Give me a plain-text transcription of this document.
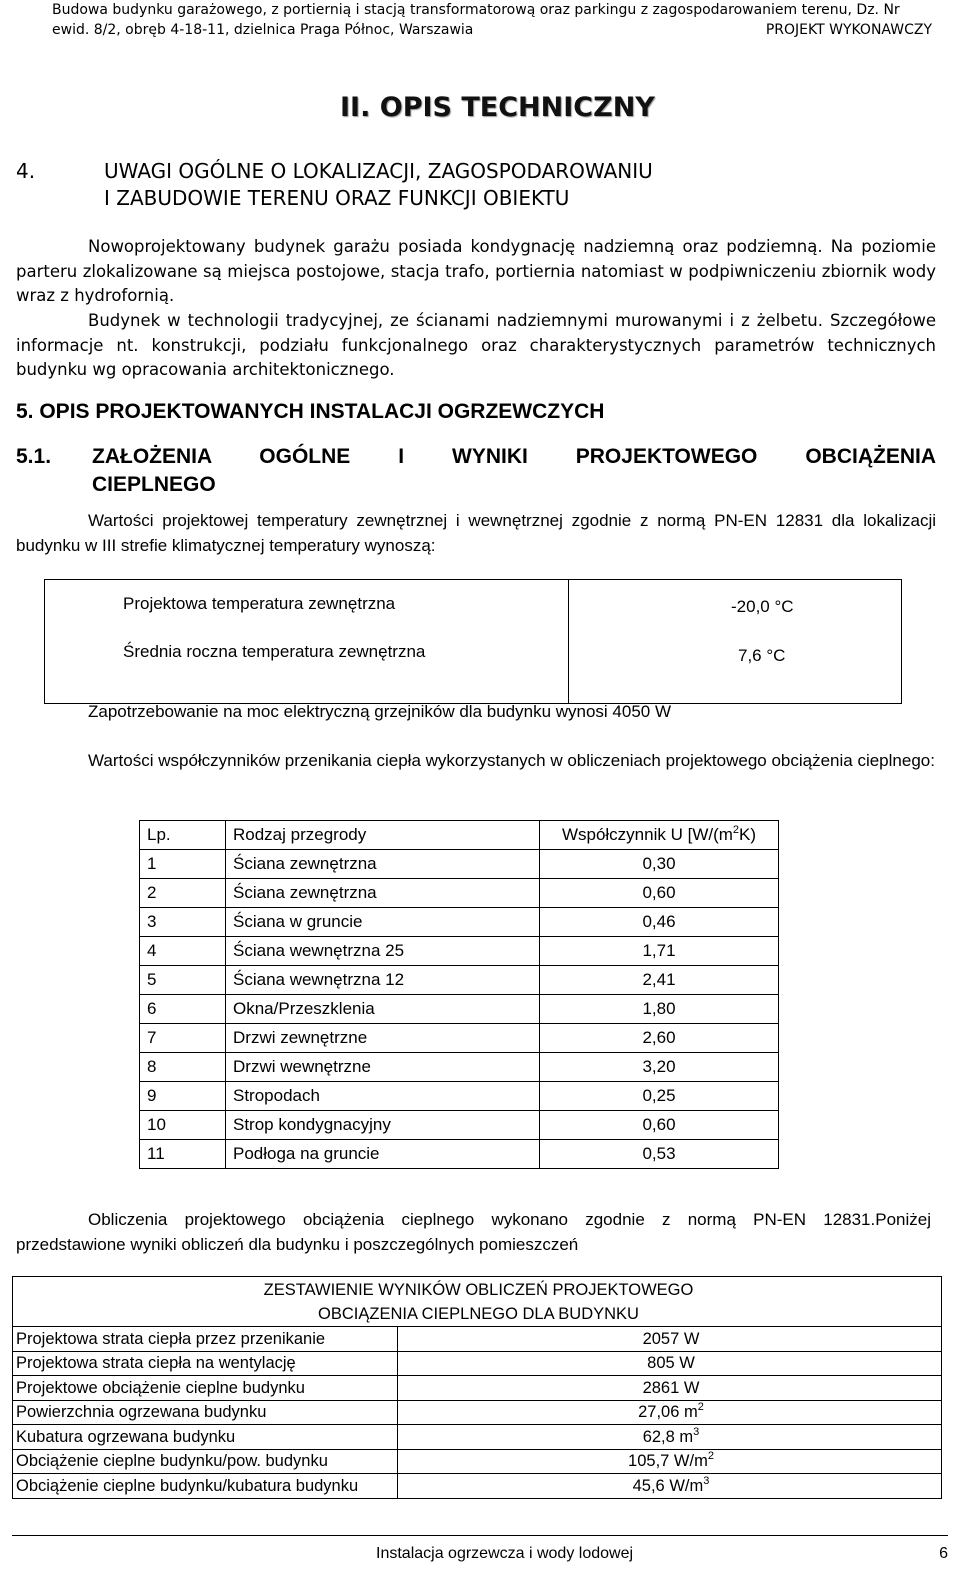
Budowa budynku garażowego, z portiernią i stacją transformatorową oraz parkingu z zagospodarowaniem terenu, Dz. Nr
ewid. 8/2, obręb 4-18-11, dzielnica Praga Północ, Warszawia	PROJEKT WYKONAWCZY
II. OPIS TECHNICZNY
4.	UWAGI OGÓLNE O LOKALIZACJI, ZAGOSPODAROWANIU
I ZABUDOWIE TERENU ORAZ FUNKCJI OBIEKTU
Nowoprojektowany budynek garażu posiada kondygnację nadziemną oraz podziemną. Na poziomie parteru zlokalizowane są miejsca postojowe, stacja trafo, portiernia natomiast w podpiwniczeniu zbiornik wody wraz z hydrofornią.
Budynek w technologii tradycyjnej, ze ścianami nadziemnymi murowanymi i z żelbetu. Szczegółowe informacje nt. konstrukcji, podziału funkcjonalnego oraz charakterystycznych parametrów technicznych budynku wg opracowania architektonicznego.
5. OPIS PROJEKTOWANYCH INSTALACJI OGRZEWCZYCH
5.1. ZAŁOŻENIA OGÓLNE I WYNIKI PROJEKTOWEGO OBCIĄŻENIA
CIEPLNEGO
Wartości projektowej temperatury zewnętrznej i wewnętrznej zgodnie z normą PN-EN 12831 dla lokalizacji budynku w III strefie klimatycznej temperatury wynoszą:
Projektowa temperatura zewnętrzna	-20,0 °C
Średnia roczna temperatura zewnętrzna	7,6 °C
Zapotrzebowanie na moc elektryczną grzejników dla budynku wynosi 4050 W
Wartości współczynników przenikania ciepła wykorzystanych w obliczeniach projektowego obciążenia cieplnego:
Lp.	Rodzaj przegrody	Współczynnik U [$W/(m^2K)$
1	Ściana zewnętrzna	0,30
2	Ściana zewnętrzna	0,60
3	Ściana w gruncie	0,46
4	Ściana wewnętrzna 25	1,71
5	Ściana wewnętrzna 12	2,41
6	Okna/Przeszklenia	1,80
7	Drzwi zewnętrzne	2,60
8	Drzwi wewnętrzne	3,20
9	Stropodach	0,25
10	Strop kondygnacyjny	0,60
11	Podłoga na gruncie	0,53
Obliczenia projektowego obciążenia cieplnego wykonano zgodnie z normą PN-EN 12831.Poniżej przedstawione wyniki obliczeń dla budynku i poszczególnych pomieszczeń
ZESTAWIENIE WYNIKÓW OBLICZEŃ PROJEKTOWEGO
OBCIĄZENIA CIEPLNEGO DLA BUDYNKU	

Projektowa strata ciepła przez przenikanie	2057 W
Projektowa strata ciepła na wentylację	805 W
Projektowe obciążenie cieplne budynku	2861 W
Powierzchnia ogrzewana budynku	27,06 $m^2$
Kubatura ogrzewana budynku	62,8 $m^3$
Obciążenie cieplne budynku/pow. budynku	105,7 $W/m^2$
Obciążenie cieplne budynku/kubatura budynku	45,6 $W/m^3$
Instalacja ogrzewcza i wody lodowej	6
